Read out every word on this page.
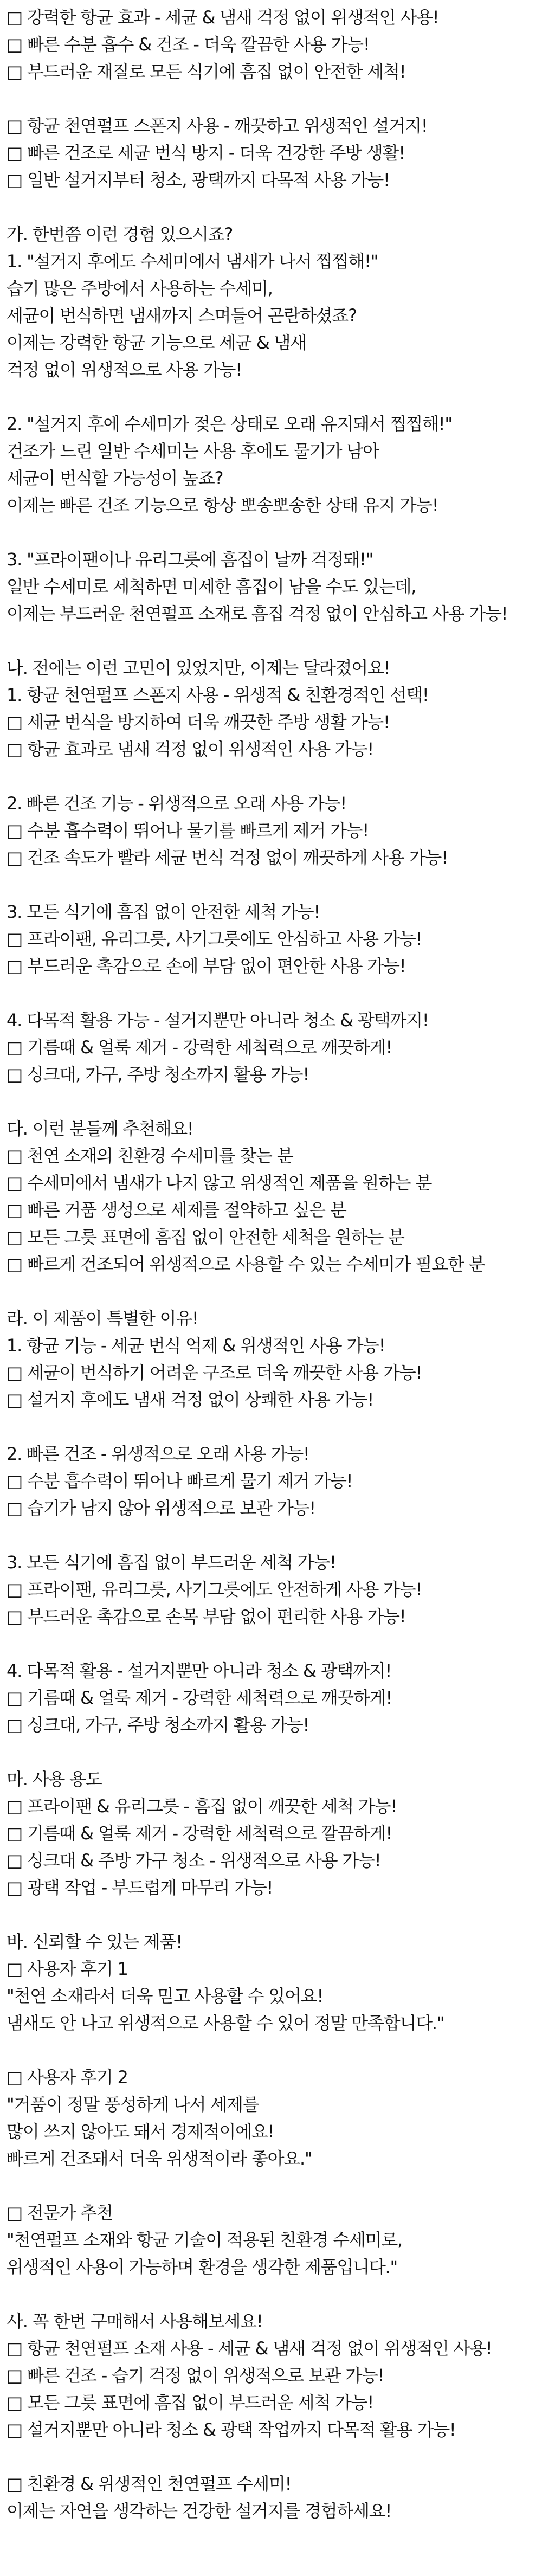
□ 강력한 항균 효과 - 세균 & 냄새 걱정 없이 위생적인 사용!
□ 빠른 수분 흡수 & 건조 - 더욱 깔끔한 사용 가능!
□ 부드러운 재질로 모든 식기에 흠집 없이 안전한 세척!
□ 항균 천연펄프 스폰지 사용 - 깨끗하고 위생적인 설거지!
□ 빠른 건조로 세균 번식 방지 - 더욱 건강한 주방 생활!
□ 일반 설거지부터 청소, 광택까지 다목적 사용 가능!
가. 한번쯤 이런 경험 있으시죠?
1. "설거지 후에도 수세미에서 냄새가 나서 찝찝해!"
습기 많은 주방에서 사용하는 수세미,
세균이 번식하면 냄새까지 스며들어 곤란하셨죠?
이제는 강력한 항균 기능으로 세균 & 냄새
걱정 없이 위생적으로 사용 가능!
2. "설거지 후에 수세미가 젖은 상태로 오래 유지돼서 찝찝해!"
건조가 느린 일반 수세미는 사용 후에도 물기가 남아
세균이 번식할 가능성이 높죠?
이제는 빠른 건조 기능으로 항상 뽀송뽀송한 상태 유지 가능!
3. "프라이팬이나 유리그릇에 흠집이 날까 걱정돼!"
일반 수세미로 세척하면 미세한 흠집이 남을 수도 있는데,
이제는 부드러운 천연펄프 소재로 흠집 걱정 없이 안심하고 사용 가능!
나. 전에는 이런 고민이 있었지만, 이제는 달라졌어요!
1. 항균 천연펄프 스폰지 사용 - 위생적 & 친환경적인 선택!
□ 세균 번식을 방지하여 더욱 깨끗한 주방 생활 가능!
□ 항균 효과로 냄새 걱정 없이 위생적인 사용 가능!
2. 빠른 건조 기능 - 위생적으로 오래 사용 가능!
□ 수분 흡수력이 뛰어나 물기를 빠르게 제거 가능!
□ 건조 속도가 빨라 세균 번식 걱정 없이 깨끗하게 사용 가능!
3. 모든 식기에 흠집 없이 안전한 세척 가능!
□ 프라이팬, 유리그릇, 사기그릇에도 안심하고 사용 가능!
□ 부드러운 촉감으로 손에 부담 없이 편안한 사용 가능!
4. 다목적 활용 가능 - 설거지뿐만 아니라 청소 & 광택까지!
□ 기름때 & 얼룩 제거 - 강력한 세척력으로 깨끗하게!
□ 싱크대, 가구, 주방 청소까지 활용 가능!
다. 이런 분들께 추천해요!
□ 천연 소재의 친환경 수세미를 찾는 분
□ 수세미에서 냄새가 나지 않고 위생적인 제품을 원하는 분
□ 빠른 거품 생성으로 세제를 절약하고 싶은 분
□ 모든 그릇 표면에 흠집 없이 안전한 세척을 원하는 분
□ 빠르게 건조되어 위생적으로 사용할 수 있는 수세미가 필요한 분
라. 이 제품이 특별한 이유!
1. 항균 기능 - 세균 번식 억제 & 위생적인 사용 가능!
□ 세균이 번식하기 어려운 구조로 더욱 깨끗한 사용 가능!
□ 설거지 후에도 냄새 걱정 없이 상쾌한 사용 가능!
2. 빠른 건조 - 위생적으로 오래 사용 가능!
□ 수분 흡수력이 뛰어나 빠르게 물기 제거 가능!
□ 습기가 남지 않아 위생적으로 보관 가능!
3. 모든 식기에 흠집 없이 부드러운 세척 가능!
□ 프라이팬, 유리그릇, 사기그릇에도 안전하게 사용 가능!
□ 부드러운 촉감으로 손목 부담 없이 편리한 사용 가능!
4. 다목적 활용 - 설거지뿐만 아니라 청소 & 광택까지!
□ 기름때 & 얼룩 제거 - 강력한 세척력으로 깨끗하게!
□ 싱크대, 가구, 주방 청소까지 활용 가능!
마. 사용 용도
□ 프라이팬 & 유리그릇 - 흠집 없이 깨끗한 세척 가능!
□ 기름때 & 얼룩 제거 - 강력한 세척력으로 깔끔하게!
□ 싱크대 & 주방 가구 청소 - 위생적으로 사용 가능!
□ 광택 작업 - 부드럽게 마무리 가능!
바. 신뢰할 수 있는 제품!
□ 사용자 후기 1
"천연 소재라서 더욱 믿고 사용할 수 있어요!
냄새도 안 나고 위생적으로 사용할 수 있어 정말 만족합니다."
□ 사용자 후기 2
"거품이 정말 풍성하게 나서 세제를
많이 쓰지 않아도 돼서 경제적이에요!
빠르게 건조돼서 더욱 위생적이라 좋아요."
□ 전문가 추천
"천연펄프 소재와 항균 기술이 적용된 친환경 수세미로,
위생적인 사용이 가능하며 환경을 생각한 제품입니다."
사. 꼭 한번 구매해서 사용해보세요!
□ 항균 천연펄프 소재 사용 - 세균 & 냄새 걱정 없이 위생적인 사용!
□ 빠른 건조 - 습기 걱정 없이 위생적으로 보관 가능!
□ 모든 그릇 표면에 흠집 없이 부드러운 세척 가능!
□ 설거지뿐만 아니라 청소 & 광택 작업까지 다목적 활용 가능!
□ 친환경 & 위생적인 천연펄프 수세미!
이제는 자연을 생각하는 건강한 설거지를 경험하세요!
